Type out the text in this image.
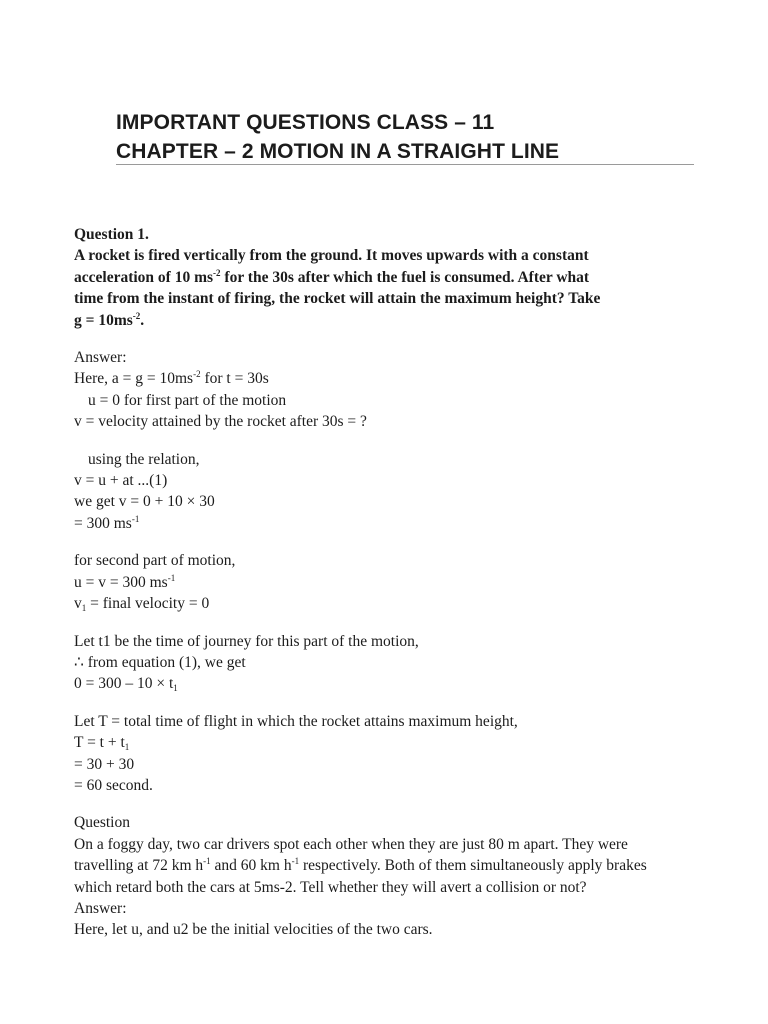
IMPORTANT QUESTIONS CLASS – 11
CHAPTER – 2 MOTION IN A STRAIGHT LINE
Question 1.
A rocket is fired vertically from the ground. It moves upwards with a constant
acceleration of 10 $ms^{-2}$ for the 30s after which the fuel is consumed. After what
time from the instant of firing, the rocket will attain the maximum height? Take
$g = 10ms^{-2}$.
Answer:
Here, $a = g = 10ms^{-2}$ for t = 30s
u = 0 for first part of the motion
v = velocity attained by the rocket after 30s = ?
using the relation,
v = u + at ...(1)
we get v = 0 + 10 × 30
= 300 $ms^{-1}$
for second part of motion,
u = v = 300 $ms^{-1}$
$v_1$ = final velocity = 0
Let t1 be the time of journey for this part of the motion,
∴ from equation (1), we get
$0 = 300 - 10 \times t_1$
Let T = total time of flight in which the rocket attains maximum height,
$T = t + t_1$
= 30 + 30
= 60 second.
Question
On a foggy day, two car drivers spot each other when they are just 80 m apart. They were
travelling at 72 km $h^{-1}$ and 60 km $h^{-1}$ respectively. Both of them simultaneously apply brakes
which retard both the cars at 5ms-2. Tell whether they will avert a collision or not?
Answer:
Here, let u, and u2 be the initial velocities of the two cars.
